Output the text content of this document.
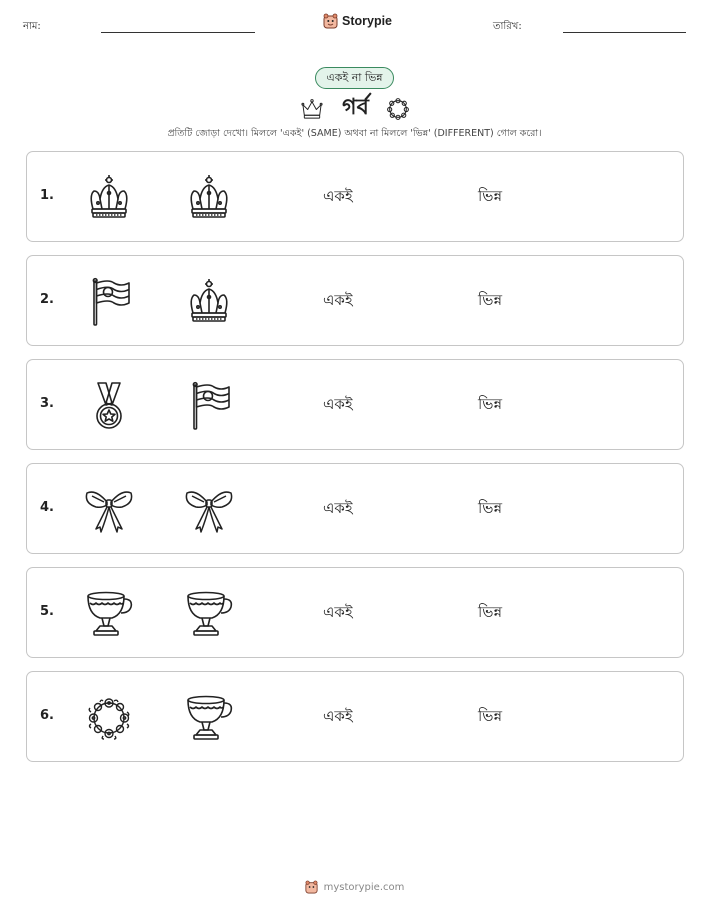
নাম:	Storypie	তারিখ:
একই না ভিন্ন
গর্ব
প্রতিটি জোড়া দেখো। মিললে 'একই' (SAME) অথবা না মিললে 'ভিন্ন' (DIFFERENT) গোল করো।
1.	একই	ভিন্ন
2.	একই	ভিন্ন
3.	একই	ভিন্ন
4.	একই	ভিন্ন
5.	একই	ভিন্ন
6.	একই	ভিন্ন
mystorypie.com
